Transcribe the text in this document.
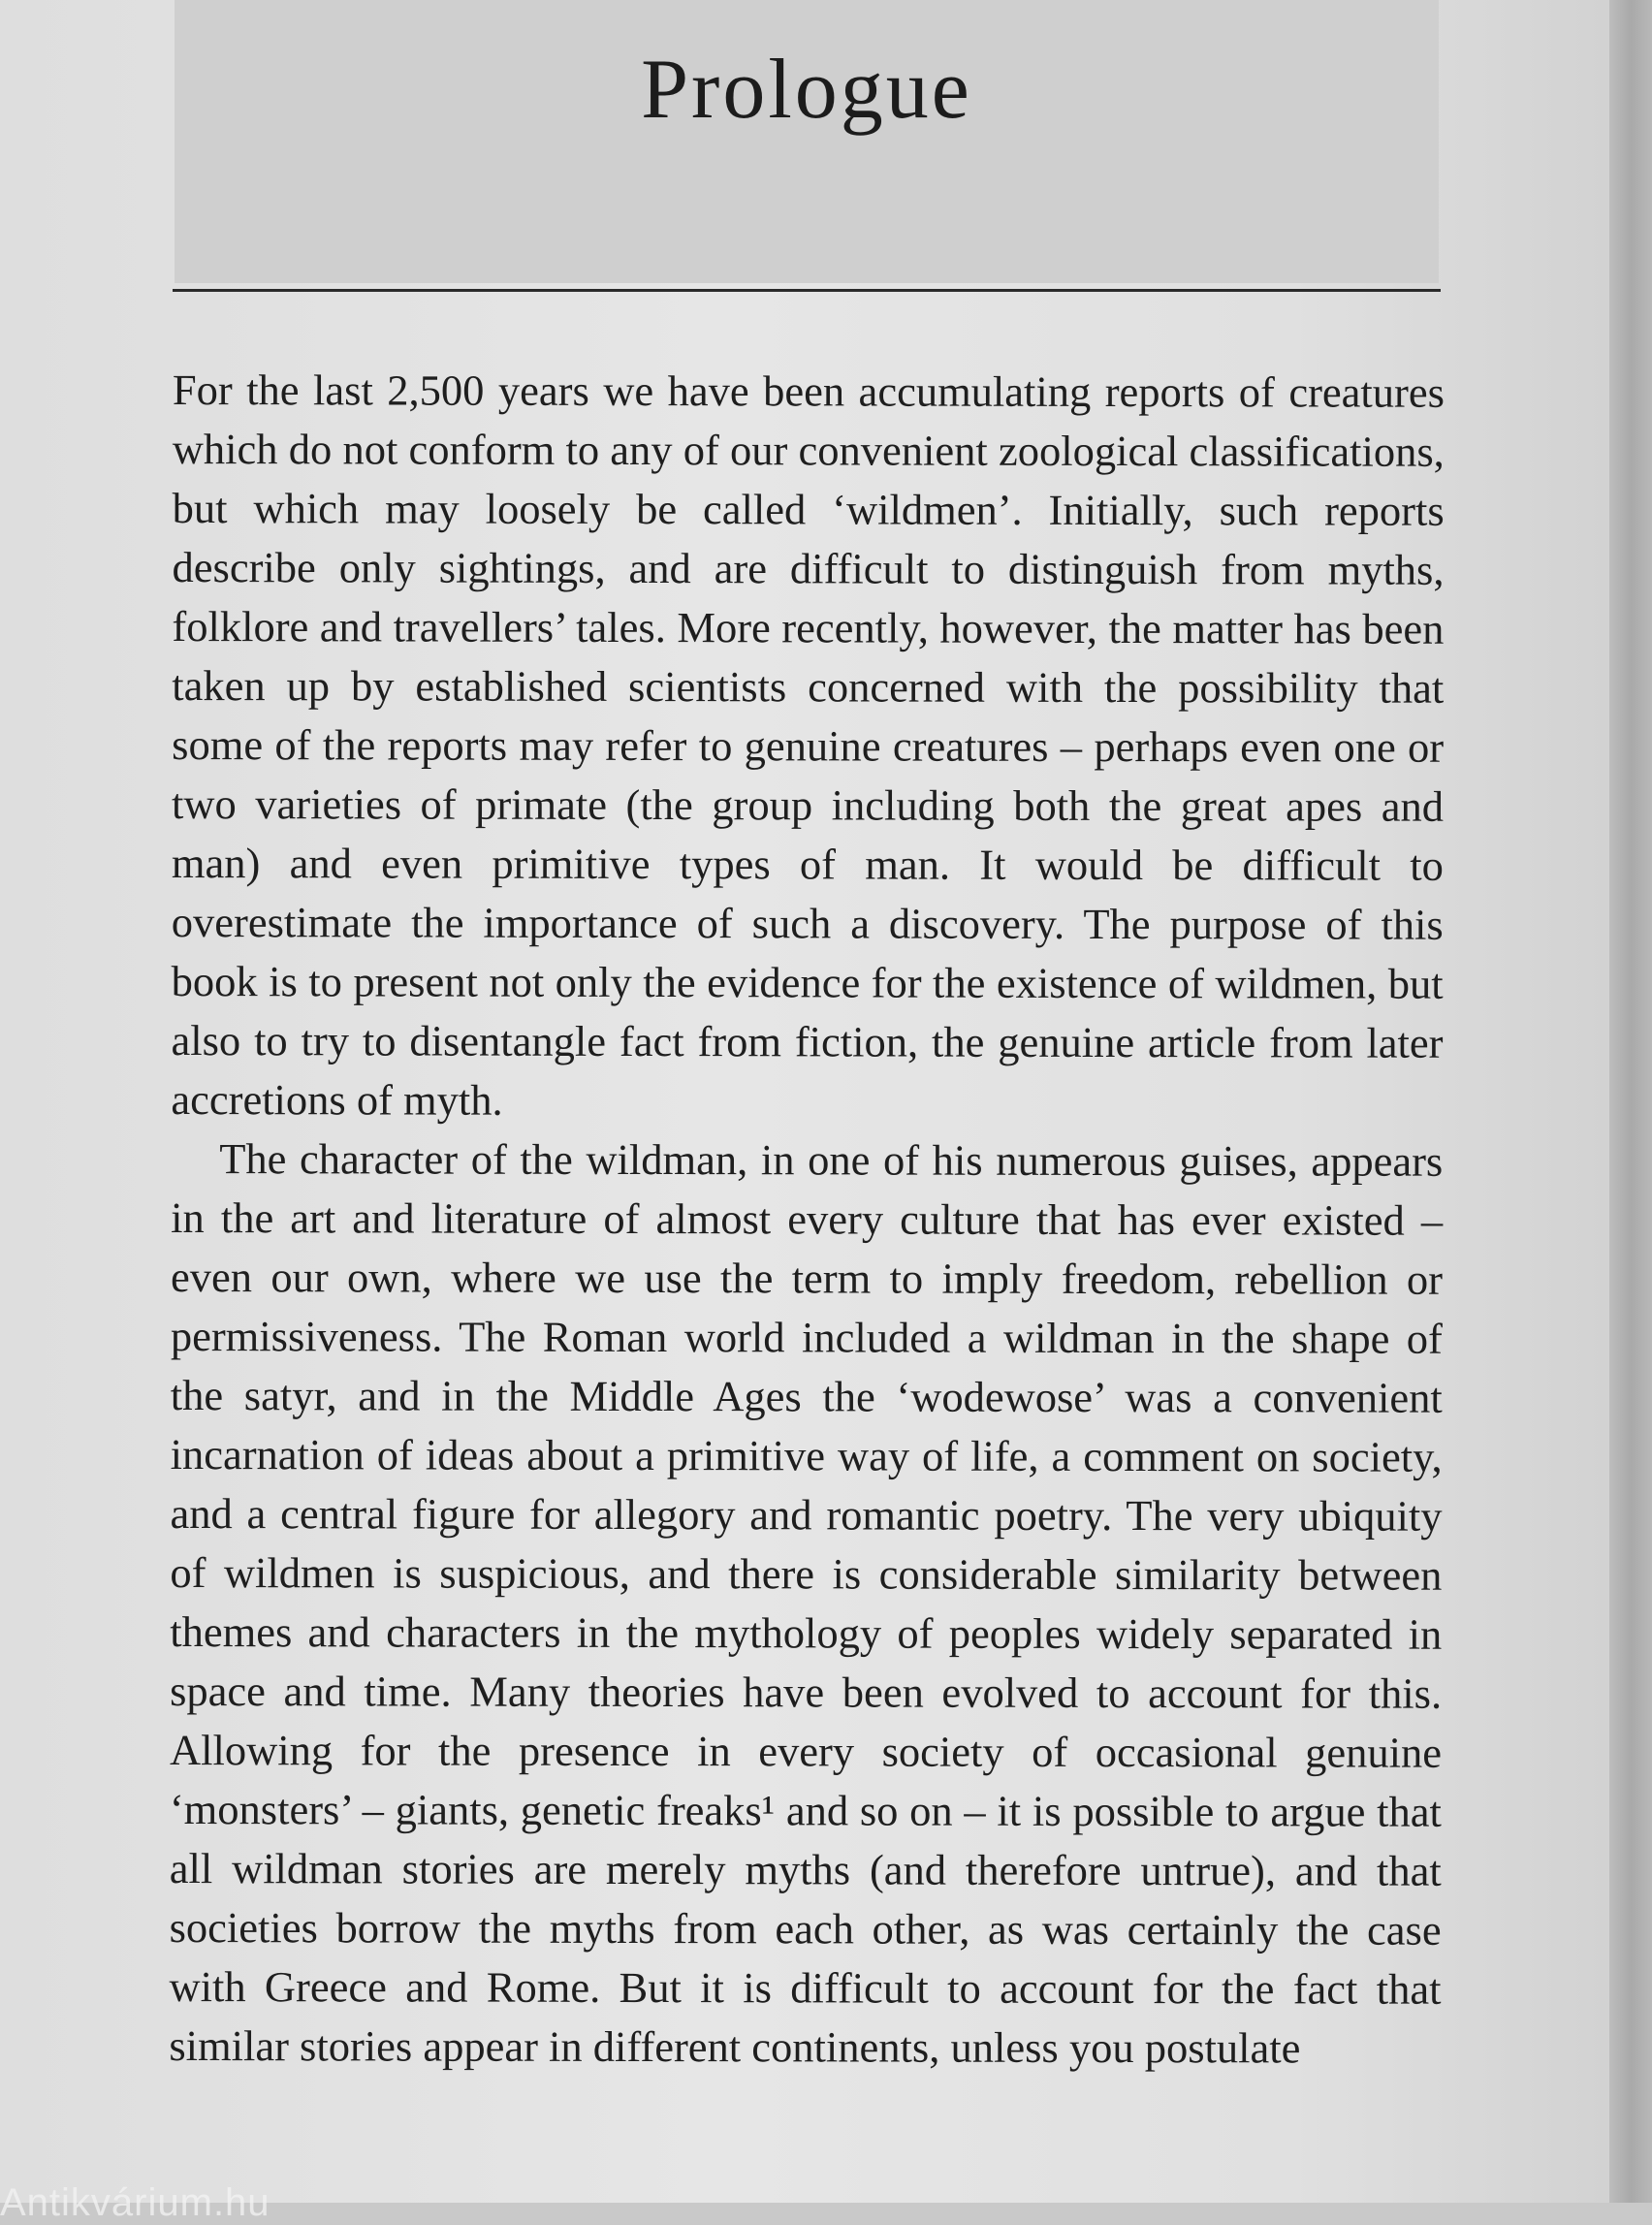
Prologue

For the last 2,500 years we have been accumulating reports of creatures which do not conform to any of our convenient zoological classifications, but which may loosely be called ‘wildmen’. Initially, such reports describe only sightings, and are difficult to distinguish from myths, folklore and travellers’ tales. More recently, however, the matter has been taken up by established scientists concerned with the possibility that some of the reports may refer to genuine creatures – perhaps even one or two varieties of primate (the group including both the great apes and man) and even primitive types of man. It would be difficult to overestimate the importance of such a discovery. The purpose of this book is to present not only the evidence for the existence of wildmen, but also to try to disentangle fact from fiction, the genuine article from later accretions of myth.

The character of the wildman, in one of his numerous guises, appears in the art and literature of almost every culture that has ever existed – even our own, where we use the term to imply freedom, rebellion or permissiveness. The Roman world included a wildman in the shape of the satyr, and in the Middle Ages the ‘wodewose’ was a convenient incarnation of ideas about a primitive way of life, a comment on society, and a central figure for allegory and romantic poetry. The very ubiquity of wildmen is suspicious, and there is considerable similarity between themes and characters in the mythology of peoples widely separated in space and time. Many theories have been evolved to account for this. Allowing for the presence in every society of occasional genuine ‘monsters’ – giants, genetic freaks¹ and so on – it is possible to argue that all wildman stories are merely myths (and therefore untrue), and that societies borrow the myths from each other, as was certainly the case with Greece and Rome. But it is difficult to account for the fact that similar stories appear in different continents, unless you postulate

Antikvárium.hu
